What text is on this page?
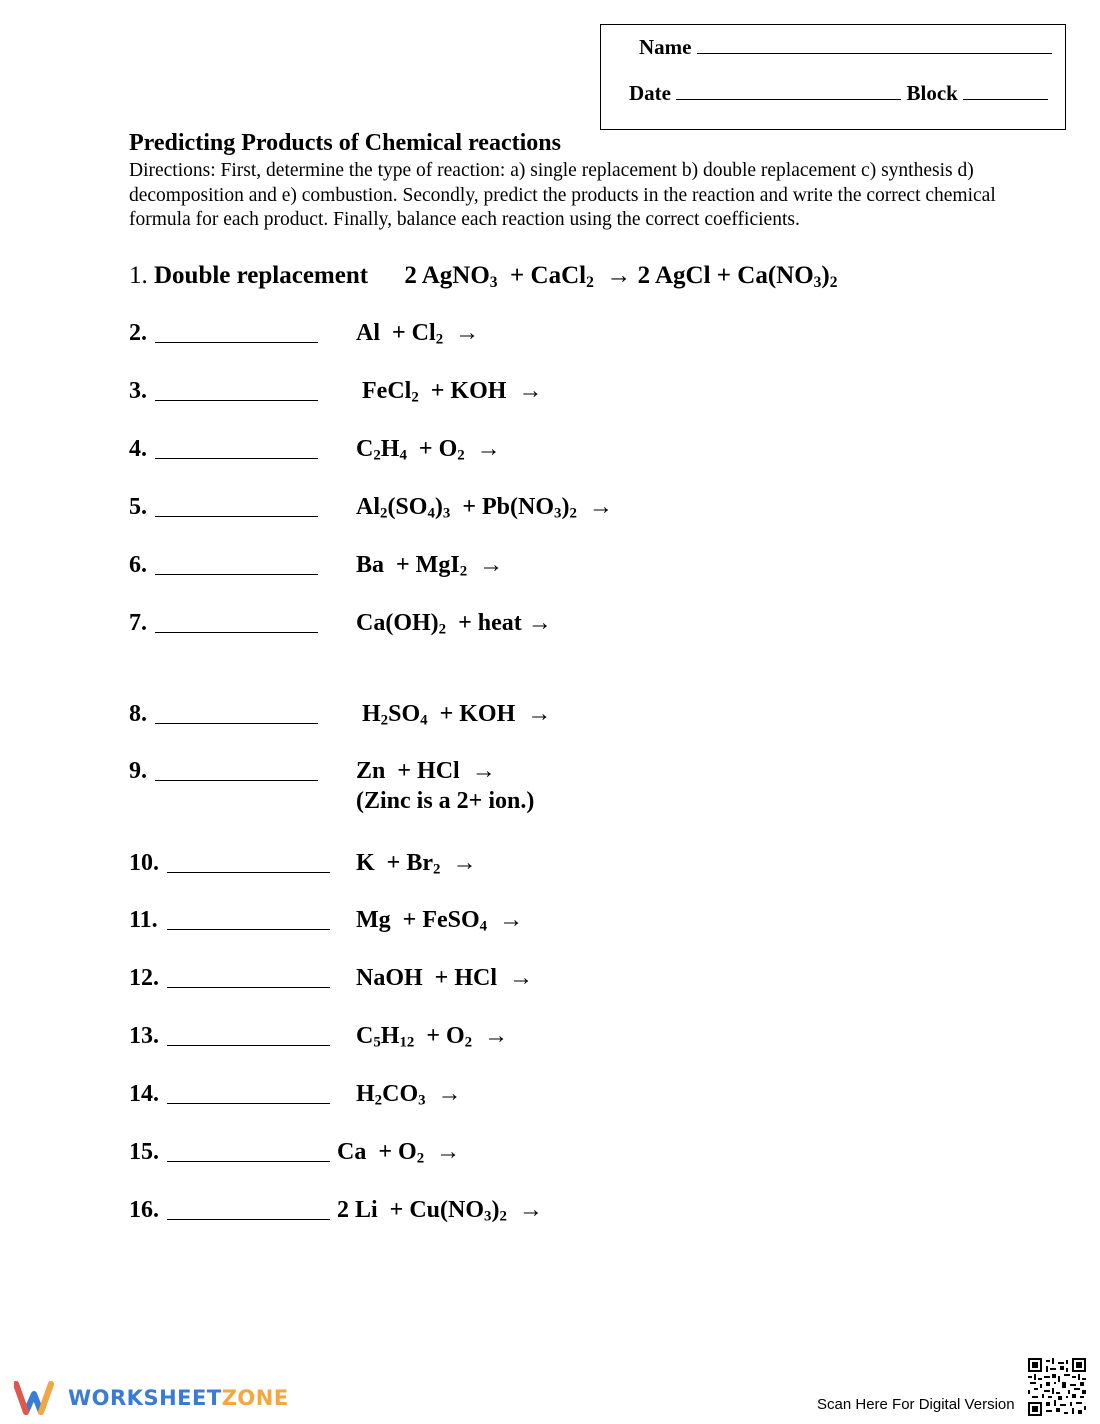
Name
Date	Block
Predicting Products of Chemical reactions
Directions: First, determine the type of reaction: a) single replacement b) double replacement c) synthesis d) decomposition and e) combustion. Secondly, predict the products in the reaction and write the correct chemical formula for each product. Finally, balance each reaction using the correct coefficients.
1. Double replacement 2 AgNO$_3$  + CaCl$_2$  → 2 AgCl + $Ca(NO_3)_2$
2.	$Al + Cl_2$  →
3.	FeCl$_2$  + KOH  →
4.	$C_2H_4 + O_2$  →
5.	$Al_2(SO_4)_3 + Pb(NO_3)_2$  →
6.	Ba  + MgI$_2$  →
7.	$Ca(OH)_2$  + heat →
8.	$H_2SO_4$  + KOH  →
9.	Zn  + HCl  →
(Zinc is a 2+ ion.)
10.	$K + Br_2$  →
11.	Mg  + FeSO$_4$  →
12.	NaOH  + HCl  →
13.	$C_5H_{12} + O_2$  →
14.	$H_2CO_3$  →
15.	$Ca + O_2$  →
16.	2 $Li + Cu(NO_3)_2$  →
WORKSHEETZONE	Scan Here For Digital Version
